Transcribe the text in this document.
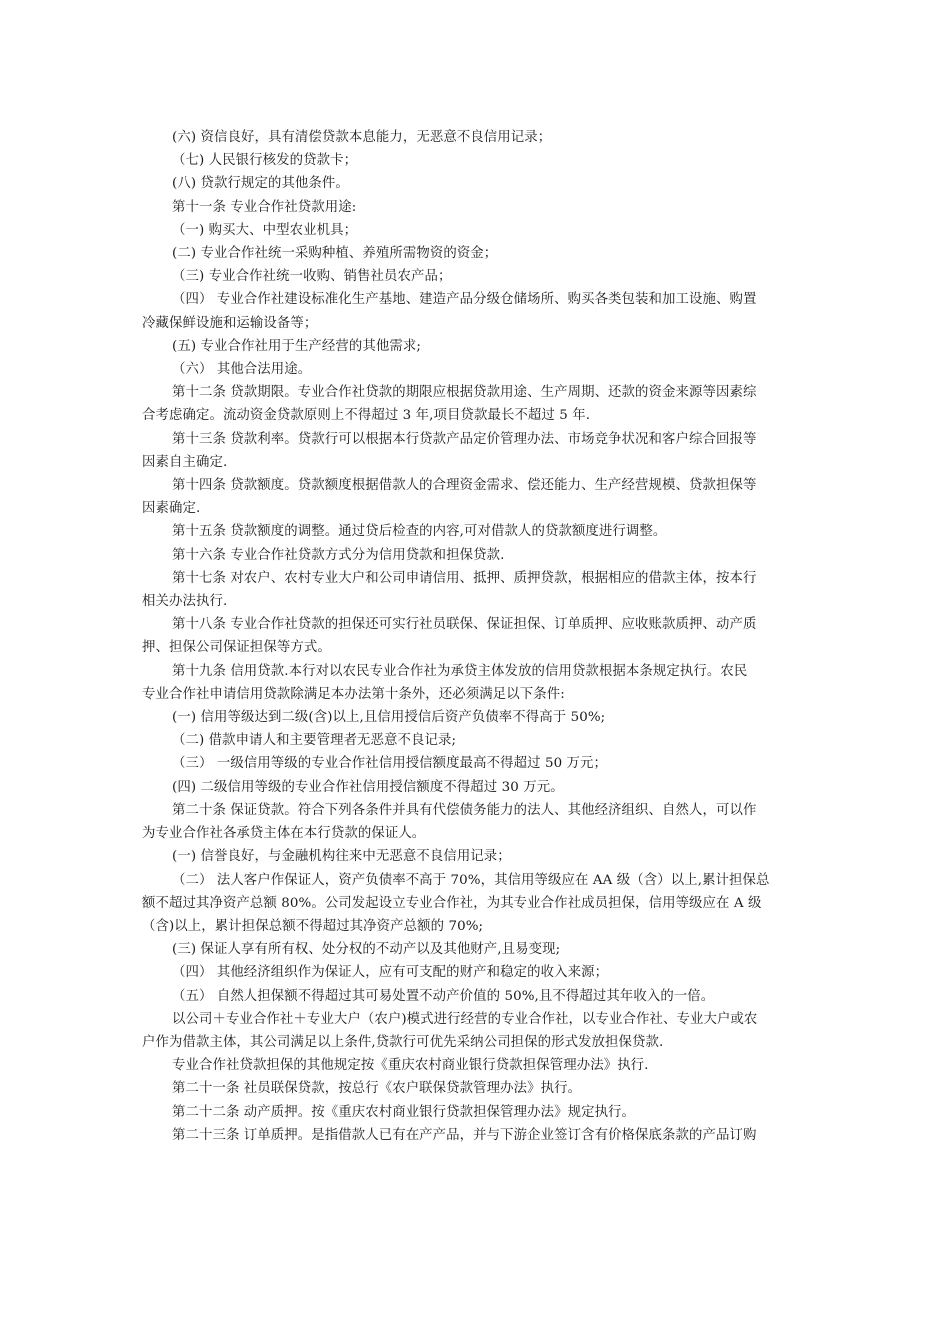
(六) 资信良好，具有清偿贷款本息能力，无恶意不良信用记录；
（七) 人民银行核发的贷款卡；
(八) 贷款行规定的其他条件。
第十一条 专业合作社贷款用途:
（一) 购买大、中型农业机具；
(二) 专业合作社统一采购种植、养殖所需物资的资金；
（三) 专业合作社统一收购、销售社员农产品；
（四） 专业合作社建设标准化生产基地、建造产品分级仓储场所、购买各类包装和加工设施、购置
冷藏保鲜设施和运输设备等；
(五) 专业合作社用于生产经营的其他需求;
（六） 其他合法用途。
第十二条 贷款期限。专业合作社贷款的期限应根据贷款用途、生产周期、还款的资金来源等因素综
合考虑确定。流动资金贷款原则上不得超过 3 年,项目贷款最长不超过 5 年.
第十三条 贷款利率。贷款行可以根据本行贷款产品定价管理办法、市场竞争状况和客户综合回报等
因素自主确定.
第十四条 贷款额度。贷款额度根据借款人的合理资金需求、偿还能力、生产经营规模、贷款担保等
因素确定.
第十五条 贷款额度的调整。通过贷后检查的内容,可对借款人的贷款额度进行调整。
第十六条 专业合作社贷款方式分为信用贷款和担保贷款.
第十七条 对农户、农村专业大户和公司申请信用、抵押、质押贷款，根据相应的借款主体，按本行
相关办法执行.
第十八条 专业合作社贷款的担保还可实行社员联保、保证担保、订单质押、应收账款质押、动产质
押、担保公司保证担保等方式。
第十九条 信用贷款.本行对以农民专业合作社为承贷主体发放的信用贷款根据本条规定执行。农民
专业合作社申请信用贷款除满足本办法第十条外，还必须满足以下条件:
(一) 信用等级达到二级(含)以上,且信用授信后资产负债率不得高于 50%;
（二) 借款申请人和主要管理者无恶意不良记录;
（三） 一级信用等级的专业合作社信用授信额度最高不得超过 50 万元；
(四) 二级信用等级的专业合作社信用授信额度不得超过 30 万元。
第二十条 保证贷款。符合下列各条件并具有代偿债务能力的法人、其他经济组织、自然人，可以作
为专业合作社各承贷主体在本行贷款的保证人。
(一) 信誉良好，与金融机构往来中无恶意不良信用记录；
（二） 法人客户作保证人，资产负债率不高于 70%，其信用等级应在 AA 级（含）以上,累计担保总
额不超过其净资产总额 80%。公司发起设立专业合作社，为其专业合作社成员担保，信用等级应在 A 级
（含)以上，累计担保总额不得超过其净资产总额的 70%;
(三) 保证人享有所有权、处分权的不动产以及其他财产,且易变现;
（四） 其他经济组织作为保证人，应有可支配的财产和稳定的收入来源；
（五） 自然人担保额不得超过其可易处置不动产价值的 50%,且不得超过其年收入的一倍。
以公司＋专业合作社＋专业大户（农户)模式进行经营的专业合作社，以专业合作社、专业大户或农
户作为借款主体，其公司满足以上条件,贷款行可优先采纳公司担保的形式发放担保贷款.
专业合作社贷款担保的其他规定按《重庆农村商业银行贷款担保管理办法》执行.
第二十一条 社员联保贷款，按总行《农户联保贷款管理办法》执行。
第二十二条 动产质押。按《重庆农村商业银行贷款担保管理办法》规定执行。
第二十三条 订单质押。是指借款人已有在产产品，并与下游企业签订含有价格保底条款的产品订购
